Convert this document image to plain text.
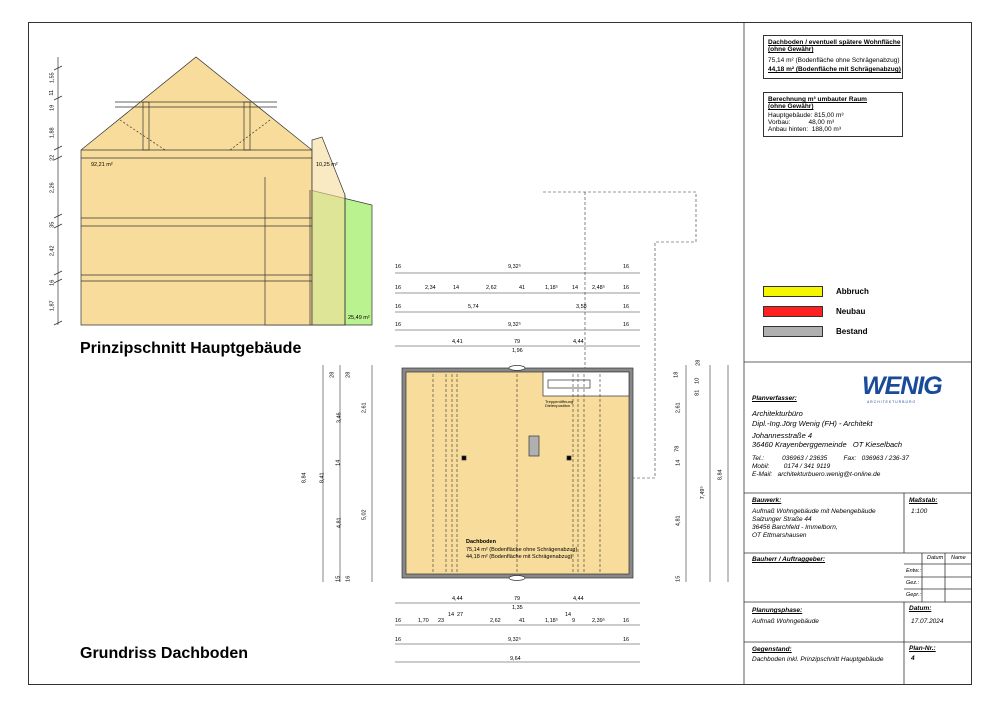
92,21 m²	10,25 m²
25,49 m²
1,55
11
19
1,88
22
2,26
35
2,42
16
1,87
Prinzipschnitt Hauptgebäude
Grundriss Dachboden
16	9,32⁵	16
16	2,34	14	2,62	41	1,18⁵	14	2,48⁵	16
16	5,74	3,58	16
16	9,32⁵	16
4,41	79	4,44
1,96
4,44	79	4,44
1,35
16	1,70 23
14 27
2,62	41	1,18⁵
14
9	2,39⁵	16
16	9,32⁵	16
9,64
28
3,46
14
4,81
15
28
2,61
5,02
16
8,84 8,41
28
18
10
81
2,61
78
4,81
14
15
7,49⁵
8,84
Dachboden
75,14 m² (Bodenfläche ohne Schrägenabzug)
44,18 m² (Bodenfläche mit Schrägenabzug)
Treppenöffnung Dielenposition
Dachboden / eventuell spätere Wohnfläche
(ohne Gewähr)
75,14 m² (Bodenfläche ohne Schrägenabzug)
44,18 m² (Bodenfläche mit Schrägenabzug)
Berechnung m³ umbauter Raum
(ohne Gewähr)
Hauptgebäude: 815,00 m³
Vorbau:          48,00 m³
Anbau hinten:  188,00 m³
Abbruch
Neubau
Bestand
WENIG
A R C H I T E K T U R B Ü R O
Planverfasser:
Architekturbüro
Dipl.-Ing.Jörg Wenig (FH) - Architekt
Johannesstraße 4
36460 Krayenberggemeinde   OT Kieselbach
Tel.:          036963 / 23635         Fax:   036963 / 236-37
Mobil:        0174 / 341 9119
E-Mail:   architekturbuero.wenig@t-online.de
Bauwerk:
Aufmaß Wohngebäude mit Nebengebäude
Salzunger Straße 44
36456 Barchfeld - Immelborn,
OT Ettmarshausen
Maßstab:
1:100
Bauherr / Auftraggeber:	Datum Name
Entw.:
Gez.:
Gepr.:
Planungsphase:
Aufmaß Wohngebäude
Datum:
17.07.2024
Gegenstand:
Dachboden inkl. Prinzipschnitt Hauptgebäude
Plan-Nr.:
4
